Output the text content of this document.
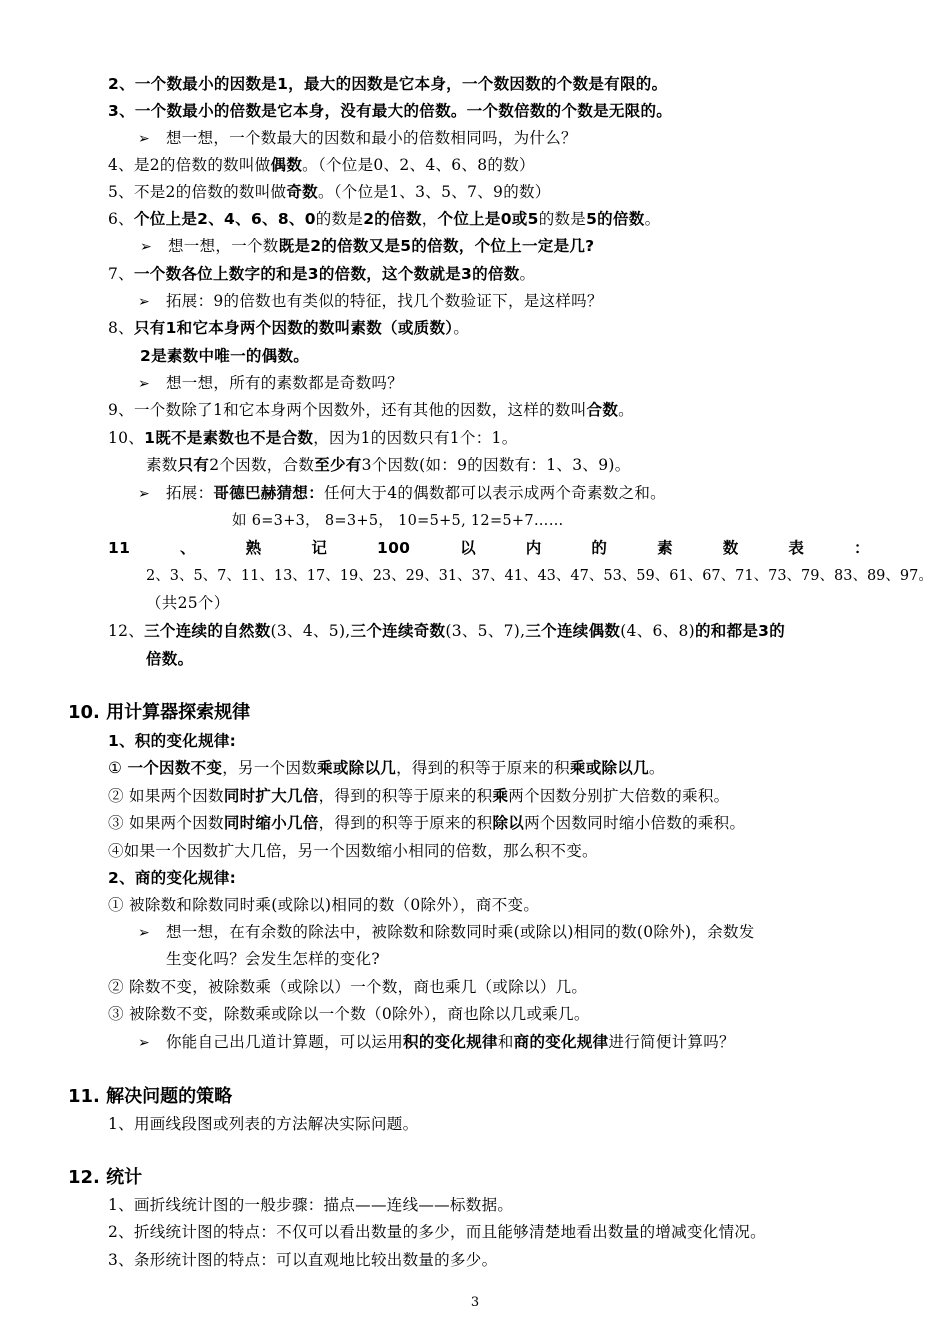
2、一个数最小的因数是1，最大的因数是它本身，一个数因数的个数是有限的。
3、一个数最小的倍数是它本身，没有最大的倍数。一个数倍数的个数是无限的。
➢ 想一想，一个数最大的因数和最小的倍数相同吗，为什么？
4、是2的倍数的数叫做偶数。（个位是0、2、4、6、8的数）
5、不是2的倍数的数叫做奇数。（个位是1、3、5、7、9的数）
6、个位上是2、4、6、8、0的数是2的倍数，个位上是0或5的数是5的倍数。
➢ 想一想，一个数既是2的倍数又是5的倍数，个位上一定是几?
7、一个数各位上数字的和是3的倍数，这个数就是3的倍数。
➢ 拓展：9的倍数也有类似的特征，找几个数验证下，是这样吗？
8、只有1和它本身两个因数的数叫素数（或质数）。
2是素数中唯一的偶数。
➢ 想一想，所有的素数都是奇数吗？
9、一个数除了1和它本身两个因数外，还有其他的因数，这样的数叫合数。
10、1既不是素数也不是合数，因为1的因数只有1个：1。
素数只有2个因数，合数至少有3个因数(如：9的因数有：1、3、9)。
➢ 拓展：哥德巴赫猜想：任何大于4的偶数都可以表示成两个奇素数之和。
如 6=3+3， 8=3+5， 10=5+5, 12=5+7……
11	、	熟	记	100	以	内	的	素	数	表	：
2、3、5、7、11、13、17、19、23、29、31、37、41、43、47、53、59、61、67、71、73、79、83、89、97。
（共25个）
12、三个连续的自然数(3、4、5),三个连续奇数(3、5、7),三个连续偶数(4、6、8)的和都是3的
倍数。
10. 用计算器探索规律
1、积的变化规律:
① 一个因数不变，另一个因数乘或除以几，得到的积等于原来的积乘或除以几。
② 如果两个因数同时扩大几倍，得到的积等于原来的积乘两个因数分别扩大倍数的乘积。
③ 如果两个因数同时缩小几倍，得到的积等于原来的积除以两个因数同时缩小倍数的乘积。
④如果一个因数扩大几倍，另一个因数缩小相同的倍数，那么积不变。
2、商的变化规律:
① 被除数和除数同时乘(或除以)相同的数（0除外），商不变。
➢ 想一想，在有余数的除法中，被除数和除数同时乘(或除以)相同的数(0除外)，余数发
生变化吗？会发生怎样的变化?
② 除数不变，被除数乘（或除以）一个数，商也乘几（或除以）几。
③ 被除数不变，除数乘或除以一个数（0除外），商也除以几或乘几。
➢ 你能自己出几道计算题，可以运用积的变化规律和商的变化规律进行简便计算吗？
11. 解决问题的策略
1、用画线段图或列表的方法解决实际问题。
12. 统计
1、画折线统计图的一般步骤：描点——连线——标数据。
2、折线统计图的特点：不仅可以看出数量的多少，而且能够清楚地看出数量的增减变化情况。
3、条形统计图的特点：可以直观地比较出数量的多少。
3
